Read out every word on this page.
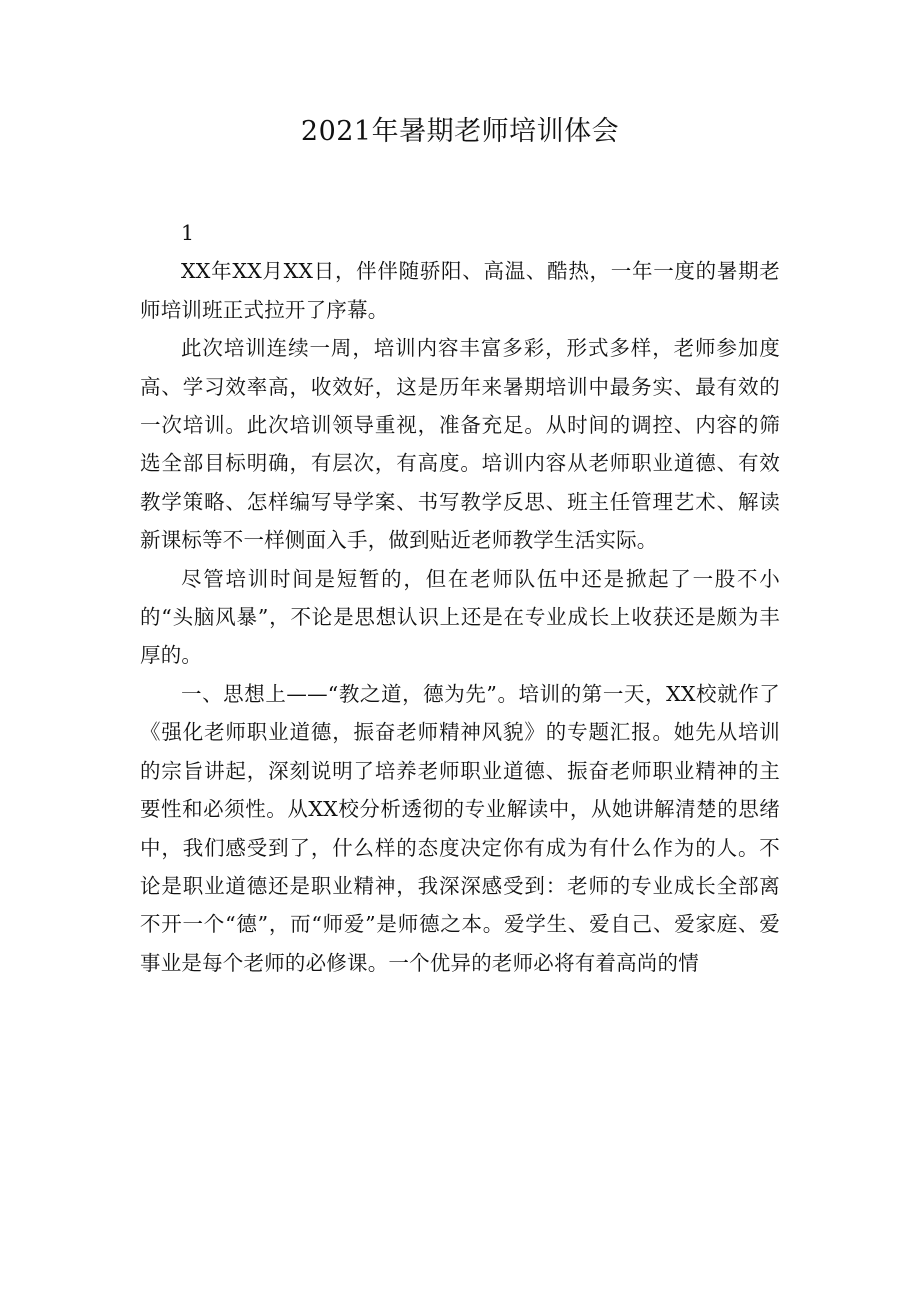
2021年暑期老师培训体会

1

XX年XX月XX日，伴伴随骄阳、高温、酷热，一年一度的暑期老师培训班正式拉开了序幕。

此次培训连续一周，培训内容丰富多彩，形式多样，老师参加度高、学习效率高，收效好，这是历年来暑期培训中最务实、最有效的一次培训。此次培训领导重视，准备充足。从时间的调控、内容的筛选全部目标明确，有层次，有高度。培训内容从老师职业道德、有效教学策略、怎样编写导学案、书写教学反思、班主任管理艺术、解读新课标等不一样侧面入手，做到贴近老师教学生活实际。

尽管培训时间是短暂的，但在老师队伍中还是掀起了一股不小的“头脑风暴”，不论是思想认识上还是在专业成长上收获还是颇为丰厚的。

一、思想上——“教之道，德为先”。培训的第一天，XX校就作了《强化老师职业道德，振奋老师精神风貌》的专题汇报。她先从培训的宗旨讲起，深刻说明了培养老师职业道德、振奋老师职业精神的主要性和必须性。从XX校分析透彻的专业解读中，从她讲解清楚的思绪中，我们感受到了，什么样的态度决定你有成为有什么作为的人。不论是职业道德还是职业精神，我深深感受到：老师的专业成长全部离不开一个“德”，而“师爱”是师德之本。爱学生、爱自己、爱家庭、爱事业是每个老师的必修课。一个优异的老师必将有着高尚的情
